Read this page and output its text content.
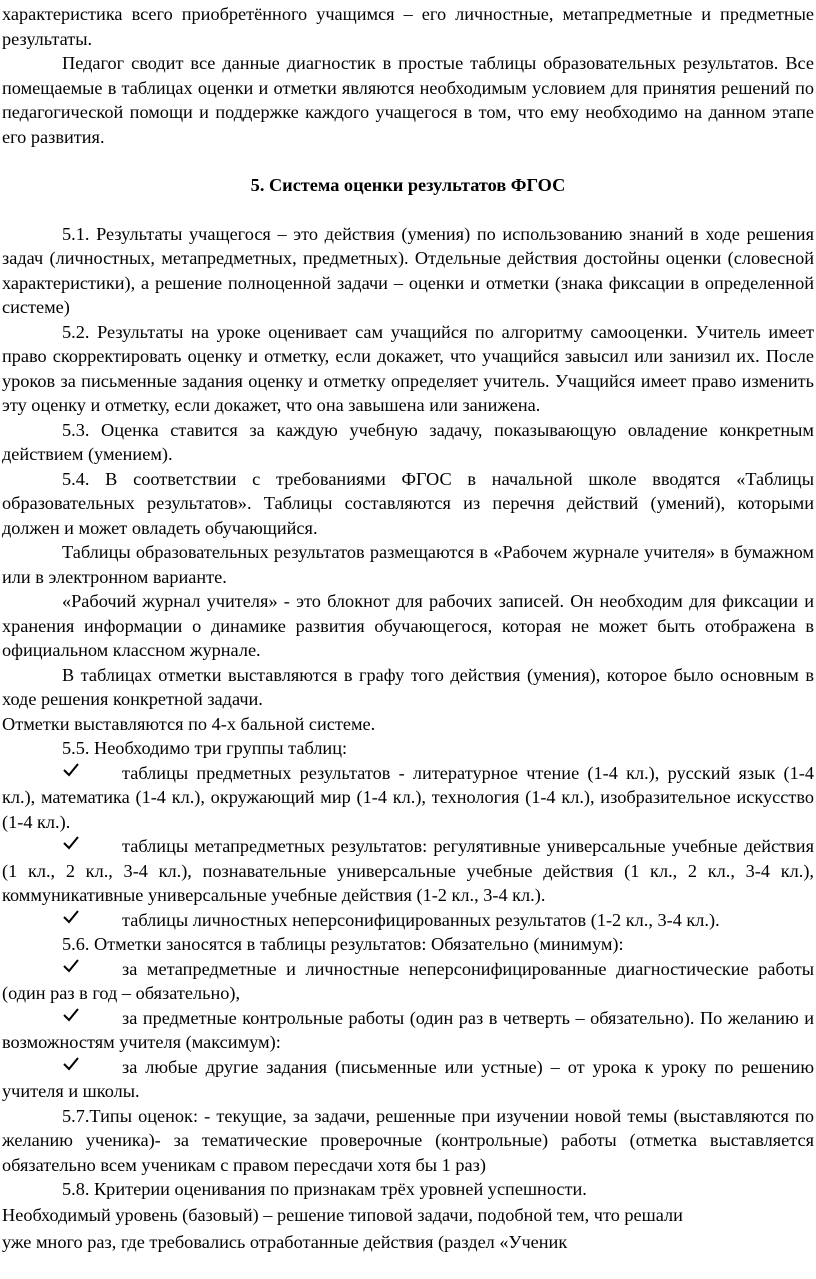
характеристика всего приобретённого учащимся – его личностные, метапредметные и предметные результаты.

Педагог сводит все данные диагностик в простые таблицы образовательных результатов. Все помещаемые в таблицах оценки и отметки являются необходимым условием для принятия решений по педагогической помощи и поддержке каждого учащегося в том, что ему необходимо на данном этапе его развития.

5. Система оценки результатов ФГОС

5.1. Результаты учащегося – это действия (умения) по использованию знаний в ходе решения задач (личностных, метапредметных, предметных). Отдельные действия достойны оценки (словесной характеристики), а решение полноценной задачи – оценки и отметки (знака фиксации в определенной системе)

5.2. Результаты на уроке оценивает сам учащийся по алгоритму самооценки. Учитель имеет право скорректировать оценку и отметку, если докажет, что учащийся завысил или занизил их. После уроков за письменные задания оценку и отметку определяет учитель. Учащийся имеет право изменить эту оценку и отметку, если докажет, что она завышена или занижена.

5.3. Оценка ставится за каждую учебную задачу, показывающую овладение конкретным действием (умением).

5.4. В соответствии с требованиями ФГОС в начальной школе вводятся «Таблицы образовательных результатов». Таблицы составляются из перечня действий (умений), которыми должен и может овладеть обучающийся.

Таблицы образовательных результатов размещаются в «Рабочем журнале учителя» в бумажном или в электронном варианте.

«Рабочий журнал учителя» - это блокнот для рабочих записей. Он необходим для фиксации и хранения информации о динамике развития обучающегося, которая не может быть отображена в официальном классном журнале.

В таблицах отметки выставляются в графу того действия (умения), которое было основным в ходе решения конкретной задачи.

Отметки выставляются по 4-х бальной системе.

5.5. Необходимо три группы таблиц:

таблицы предметных результатов - литературное чтение (1-4 кл.), русский язык (1-4 кл.), математика (1-4 кл.), окружающий мир (1-4 кл.), технология (1-4 кл.), изобразительное искусство (1-4 кл.).

таблицы метапредметных результатов: регулятивные универсальные учебные действия (1 кл., 2 кл., 3-4 кл.), познавательные универсальные учебные действия (1 кл., 2 кл., 3-4 кл.), коммуникативные универсальные учебные действия (1-2 кл., 3-4 кл.).

таблицы личностных неперсонифицированных результатов (1-2 кл., 3-4 кл.).

5.6. Отметки заносятся в таблицы результатов: Обязательно (минимум):

за метапредметные и личностные неперсонифицированные диагностические работы (один раз в год – обязательно),

за предметные контрольные работы (один раз в четверть – обязательно). По желанию и возможностям учителя (максимум):

за любые другие задания (письменные или устные) – от урока к уроку по решению учителя и школы.

5.7.Типы оценок: - текущие, за задачи, решенные при изучении новой темы (выставляются по желанию ученика)- за тематические проверочные (контрольные) работы (отметка выставляется обязательно всем ученикам с правом пересдачи хотя бы 1 раз)

5.8. Критерии оценивания по признакам трёх уровней успешности.

Необходимый уровень (базовый) – решение типовой задачи, подобной тем, что решали

уже много раз, где требовались отработанные действия (раздел «Ученик
